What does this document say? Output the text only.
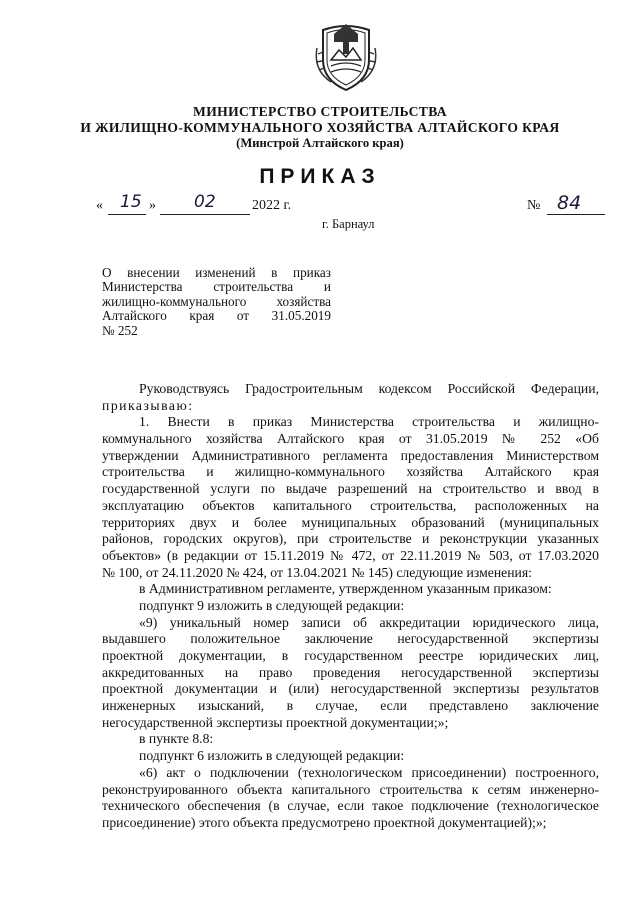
МИНИСТЕРСТВО СТРОИТЕЛЬСТВА
И ЖИЛИЩНО-КОММУНАЛЬНОГО ХОЗЯЙСТВА АЛТАЙСКОГО КРАЯ
(Минстрой Алтайского края)
ПРИКАЗ
« 15 » 02	2022 г.	№ 84
г. Барнаул
О внесении изменений в приказ
Министерства строительства и
жилищно-коммунального хозяйства
Алтайского края от 31.05.2019
№ 252
Руководствуясь Градостроительным кодексом Российской Федерации,
приказываю:
1. Внести в приказ Министерства строительства и жилищно-
коммунального хозяйства Алтайского края от 31.05.2019 № 252 «Об
утверждении Административного регламента предоставления Министерством
строительства и жилищно-коммунального хозяйства Алтайского края
государственной услуги по выдаче разрешений на строительство и ввод в
эксплуатацию объектов капитального строительства, расположенных на
территориях двух и более муниципальных образований (муниципальных
районов, городских округов), при строительстве и реконструкции указанных
объектов» (в редакции от 15.11.2019 № 472, от 22.11.2019 № 503, от 17.03.2020
№ 100, от 24.11.2020 № 424, от 13.04.2021 № 145) следующие изменения:
в Административном регламенте, утвержденном указанным приказом:
подпункт 9 изложить в следующей редакции:
«9) уникальный номер записи об аккредитации юридического лица,
выдавшего положительное заключение негосударственной экспертизы
проектной документации, в государственном реестре юридических лиц,
аккредитованных на право проведения негосударственной экспертизы
проектной документации и (или) негосударственной экспертизы результатов
инженерных изысканий, в случае, если представлено заключение
негосударственной экспертизы проектной документации;»;
в пункте 8.8:
подпункт 6 изложить в следующей редакции:
«6) акт о подключении (технологическом присоединении) построенного,
реконструированного объекта капитального строительства к сетям инженерно-
технического обеспечения (в случае, если такое подключение (технологическое
присоединение) этого объекта предусмотрено проектной документацией);»;
